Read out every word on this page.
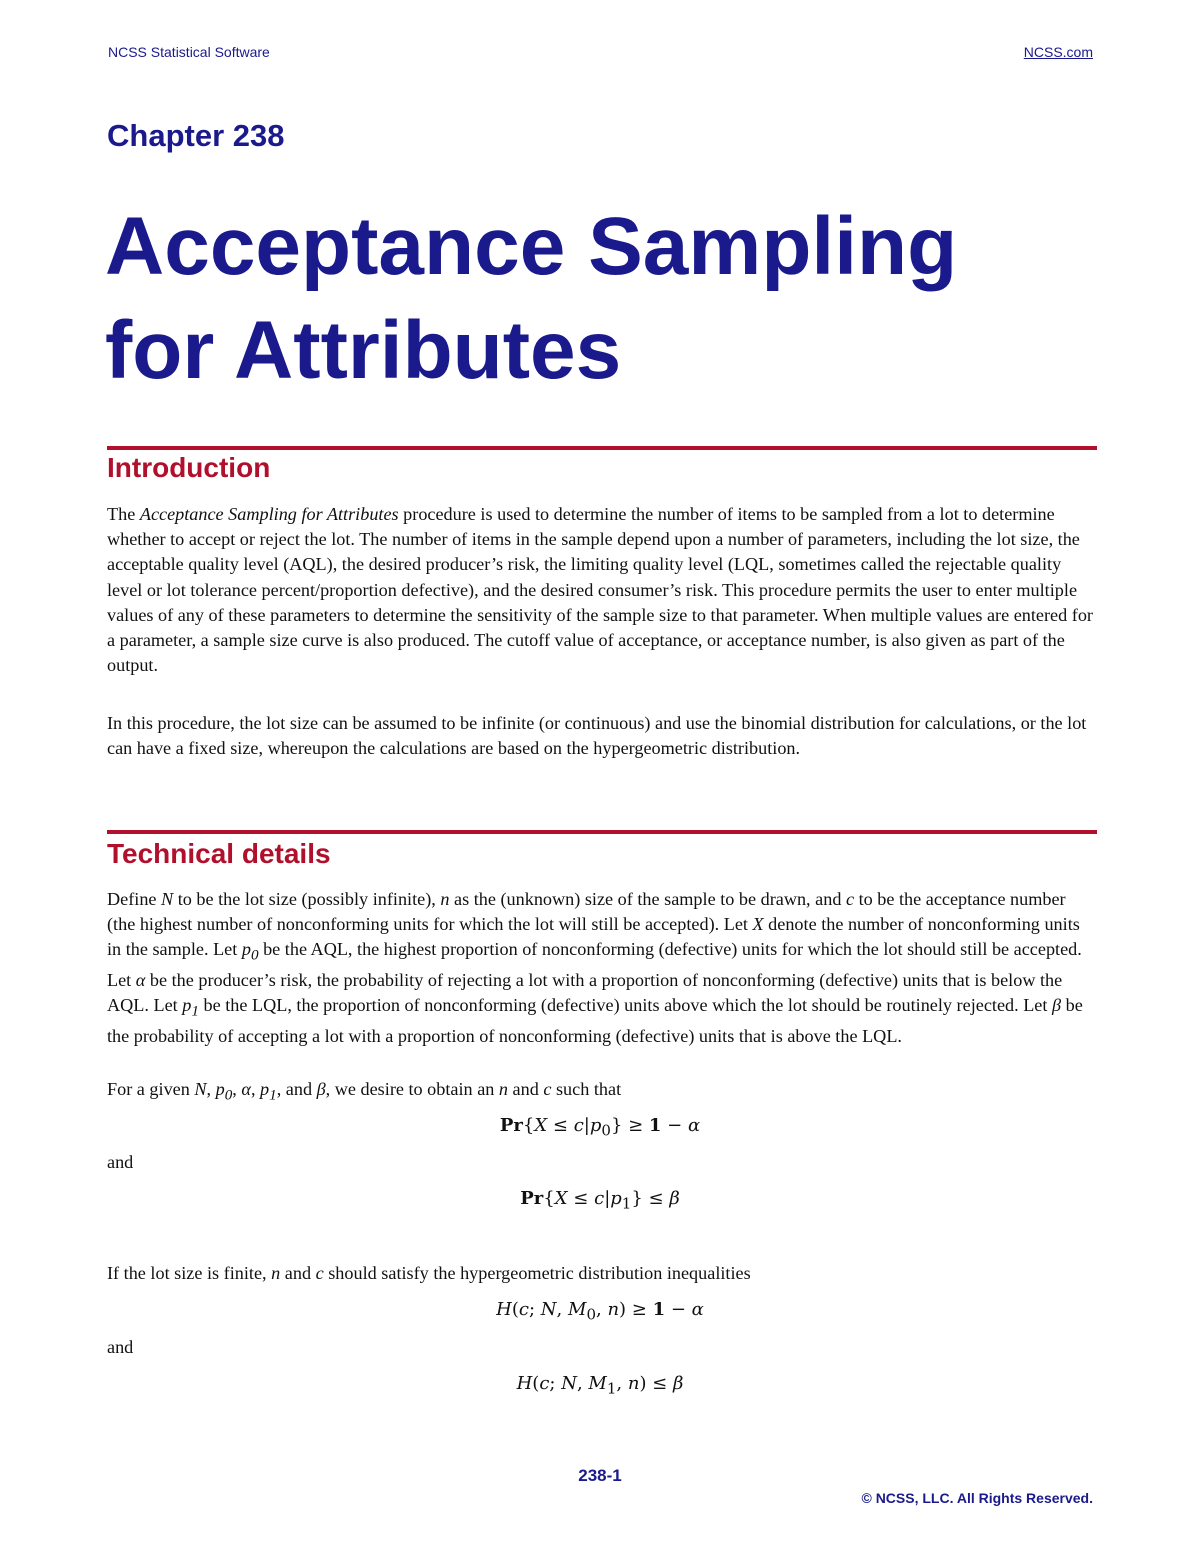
NCSS Statistical Software	NCSS.com
Chapter 238
Acceptance Sampling
for Attributes
Introduction

The Acceptance Sampling for Attributes procedure is used to determine the number of items to be sampled from a lot to determine whether to accept or reject the lot. The number of items in the sample depend upon a number of parameters, including the lot size, the acceptable quality level (AQL), the desired producer’s risk, the limiting quality level (LQL, sometimes called the rejectable quality level or lot tolerance percent/proportion defective), and the desired consumer’s risk. This procedure permits the user to enter multiple values of any of these parameters to determine the sensitivity of the sample size to that parameter. When multiple values are entered for a parameter, a sample size curve is also produced. The cutoff value of acceptance, or acceptance number, is also given as part of the output.

In this procedure, the lot size can be assumed to be infinite (or continuous) and use the binomial distribution for calculations, or the lot can have a fixed size, whereupon the calculations are based on the hypergeometric distribution.

Technical details

Define N to be the lot size (possibly infinite), n as the (unknown) size of the sample to be drawn, and c to be the acceptance number (the highest number of nonconforming units for which the lot will still be accepted). Let X denote the number of nonconforming units in the sample. Let $p_0$ be the AQL, the highest proportion of nonconforming (defective) units for which the lot should still be accepted. Let α be the producer’s risk, the probability of rejecting a lot with a proportion of nonconforming (defective) units that is below the AQL. Let $p_1$ be the LQL, the proportion of nonconforming (defective) units above which the lot should be routinely rejected. Let β be the probability of accepting a lot with a proportion of nonconforming (defective) units that is above the LQL.

For a given N, $p_0$, α, $p_1$, and β, we desire to obtain an n and c such that

$Pr\{X \le c|p_0\} \ge 1 - \alpha$

and

$Pr\{X \le c|p_1\} \le \beta$

If the lot size is finite, n and c should satisfy the hypergeometric distribution inequalities

H(c; N, $M_0$, n) ≥ 1 − α

and

H(c; N, $M_1$, n) ≤ β

238-1
© NCSS, LLC. All Rights Reserved.
